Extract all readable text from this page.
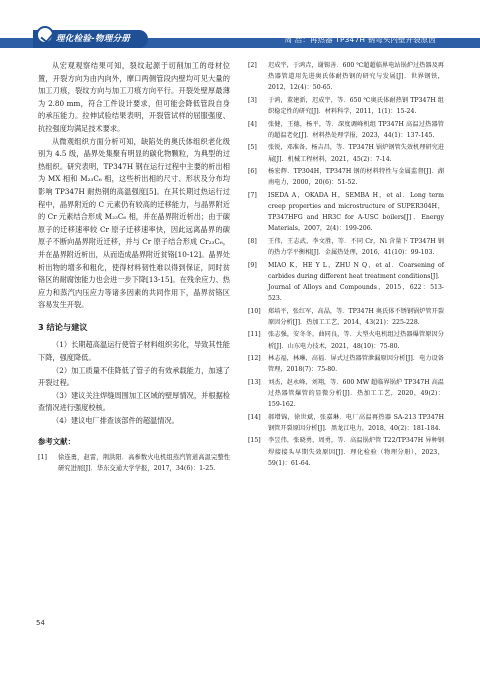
理化检验-物理分册	周 浩：再热器 TP347H 钢弯头内壁开裂原因

从宏观观察结果可知，裂纹起源于切削加工的母材位置，开裂方向为由内向外，摩口两侧管段内壁均可见大量的加工刀痕，裂纹方向与加工刀痕方向平行。开裂处壁厚最薄为 2.80 mm，符合工件设计要求，但可能会降低管段自身的承压能力。拉伸试验结果表明，开裂管试样的屈服强度、抗拉强度均满足技术要求。

从微观组织方面分析可知，缺陷处的奥氏体组织老化级别为 4.5 级，晶界处集聚有明显的碳化物颗粒，为典型的过热组织。研究表明，TP347H 钢在运行过程中主要的析出相为 MX 相和 M₂₃C₆ 相，这些析出相的尺寸、形状及分布均影响 TP347H 耐热钢的高温强度[5]。在其长期过热运行过程中，晶界附近的 C 元素仍有较高的迁移能力，与晶界附近的 Cr 元素结合形成 M₂₃C₆ 相，并在晶界附近析出；由于碳原子的迁移速率较 Cr 原子迁移速率快，因此远离晶界的碳原子不断向晶界附近迁移，并与 Cr 原子结合形成 Cr₂₃C₆，并在晶界附近析出，从而造成晶界附近贫铬[10-12]。晶界处析出物的增多和粗化，使得材料韧性难以得到保证，同时贫铬区的耐腐蚀能力也会进一步下降[13-15]。在残余应力、热应力和蒸汽内压应力等诸多因素的共同作用下，晶界贫铬区容易发生开裂。

3 结论与建议

（1）长期超高温运行使管子材料组织劣化，导致其性能下降，强度降低。

（2）加工质量不佳降低了管子的有效承载能力，加速了开裂过程。

（3）建议关注焊缝周围加工区域的壁厚情况，并根据检查情况进行强度校核。

（4）建议电厂排查该部件的超温情况。

参考文献：
[1]	徐连勇，赵雷，荆洪阳．高参数火电机组蒸汽管道高温完整性研究进展[J]．华东交通大学学报，2017，34(6)：1-25.
[2]	迟成宇，于鸿垚，谢锡善．600 ℃超超临界电站锅炉过热器及再热器管道用先进奥氏体耐热钢的研究与发展[J]．世界钢铁，2012，12(4)：50-65.
[3]	于鸿，董建新，迟成宇，等．650 ℃奥氏体耐热钢 TP347H 组织稳定性的研究[J]．材料科学，2011，1(1)：15-24.
[4]	张健，王德，杨平，等．深度调峰机组 TP347H 高温过热器管的超温老化[J]．材料热处理学报，2023，44(1)：137-145.
[5]	张锐，邓准备，杨吉昌，等．TP347H 锅炉钢管失效机理研究进展[J]．机械工程材料，2021，45(2)：7-14.
[6]	杨宏辉．TP304H，TP347H 钢的材料特性与金属监督[J]．湖南电力，2000，20(6)：51-52.
[7]	ISEDA A，OKADA H，SEMBA H，et al．Long term creep properties and microstructure of SUPER304H，TP347HFG and HR3C for A-USC boilers[J]．Energy Materials，2007，2(4)：199-206.
[8]	王伟，王志武，李文胜，等．不同 Cr，Ni 含量下 TP347H 钢的热力学平衡相[J]．金属热处理，2016，41(10)：99-103.
[9]	MIAO K，HE Y L，ZHU N Q，et al．Coarsening of carbides during different heat treatment conditions[J]．Journal of Alloys and Compounds，2015，622：513-523.
[10]	郑培平，张红军，高晶，等．TP347H 奥氏体不锈钢锅炉管开裂原因分析[J]．热加工工艺，2014，43(21)：225-228.
[11]	张志强，安冬冬，曲同良，等．大型火电机组过热器爆管原因分析[J]．山东电力技术，2021，48(10)：75-80.
[12]	林志福，林琳，高福．屏式过热器管泄漏原因分析[J]．电力设备管理，2018(7)：75-80.
[13]	刘杰，赵永峰，刘翔，等．600 MW 超临界锅炉 TP347H 高温过热器管爆管的显微分析[J]．热加工工艺，2020，49(2)：159-162.
[14]	郝增锦，徐世斌，张嘉琳．电厂高温再热器 SA-213 TP347H 钢管开裂原因分析[J]．黑龙江电力，2018，40(2)：181-184.
[15]	李昱伟，张晓勇，周勇，等．高温锅炉管 T22/TP347H 异种钢焊接接头早期失效原因[J]．理化检验（物理分册），2023，59(1)：61-64.
54
